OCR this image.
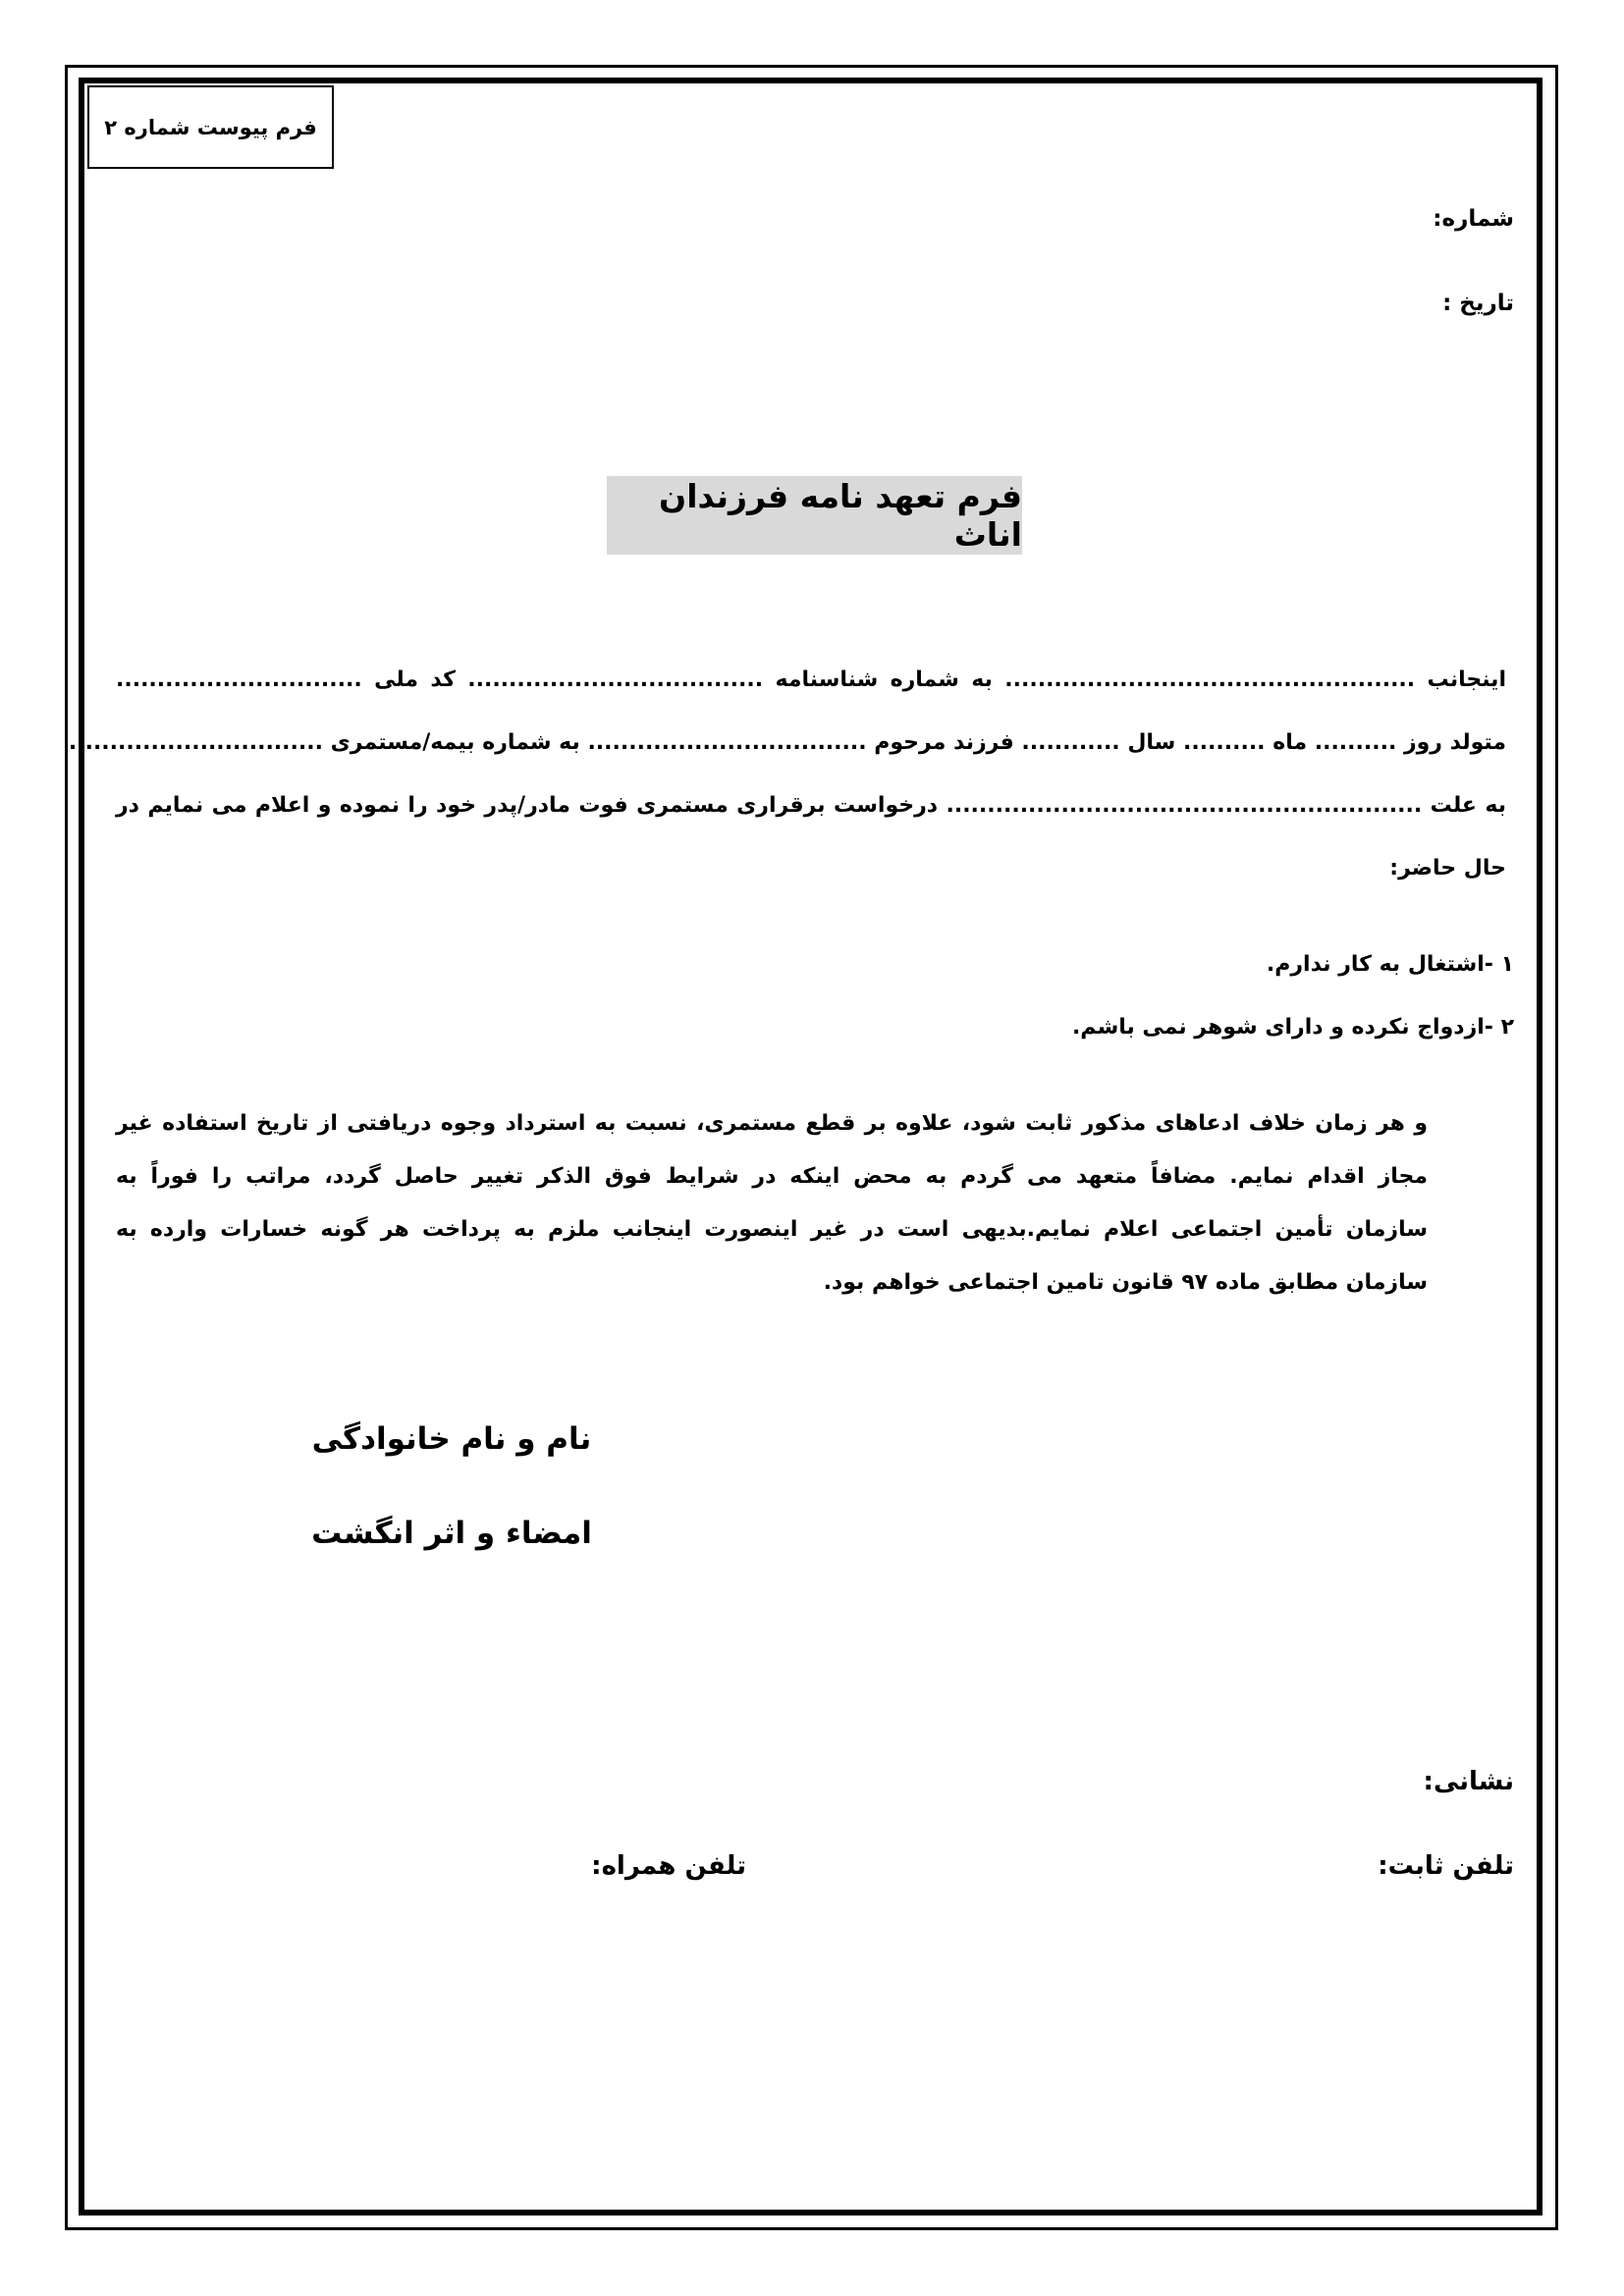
فرم پیوست شماره ۲
شماره:
تاریخ :
فرم تعهد نامه فرزندان اناث
اینجانب .................................................. به شماره شناسنامه .................................... کد ملی ..............................
متولد روز .......... ماه .......... سال ............ فرزند مرحوم .................................. به شماره بیمه/مستمری ...............................
به علت .......................................................... درخواست برقراری مستمری فوت مادر/پدر خود را نموده و اعلام می نمایم در
حال حاضر:
۱ -اشتغال به کار ندارم.
۲ -ازدواج نکرده و دارای شوهر نمی باشم.
و هر زمان خلاف ادعاهای مذکور ثابت شود، علاوه بر قطع مستمری، نسبت به استرداد وجوه دریافتی از تاریخ استفاده غیر
مجاز اقدام نمایم. مضافاً متعهد می گردم به محض اینکه در شرایط فوق الذکر تغییر حاصل گردد، مراتب را فوراً به
سازمان تأمین اجتماعی اعلام نمایم.بدیهی است در غیر اینصورت اینجانب ملزم به پرداخت هر گونه خسارات وارده به
سازمان مطابق ماده ۹۷ قانون تامین اجتماعی خواهم بود.
نام و نام خانوادگی
امضاء و اثر انگشت
نشانی:
تلفن ثابت:
تلفن همراه:
